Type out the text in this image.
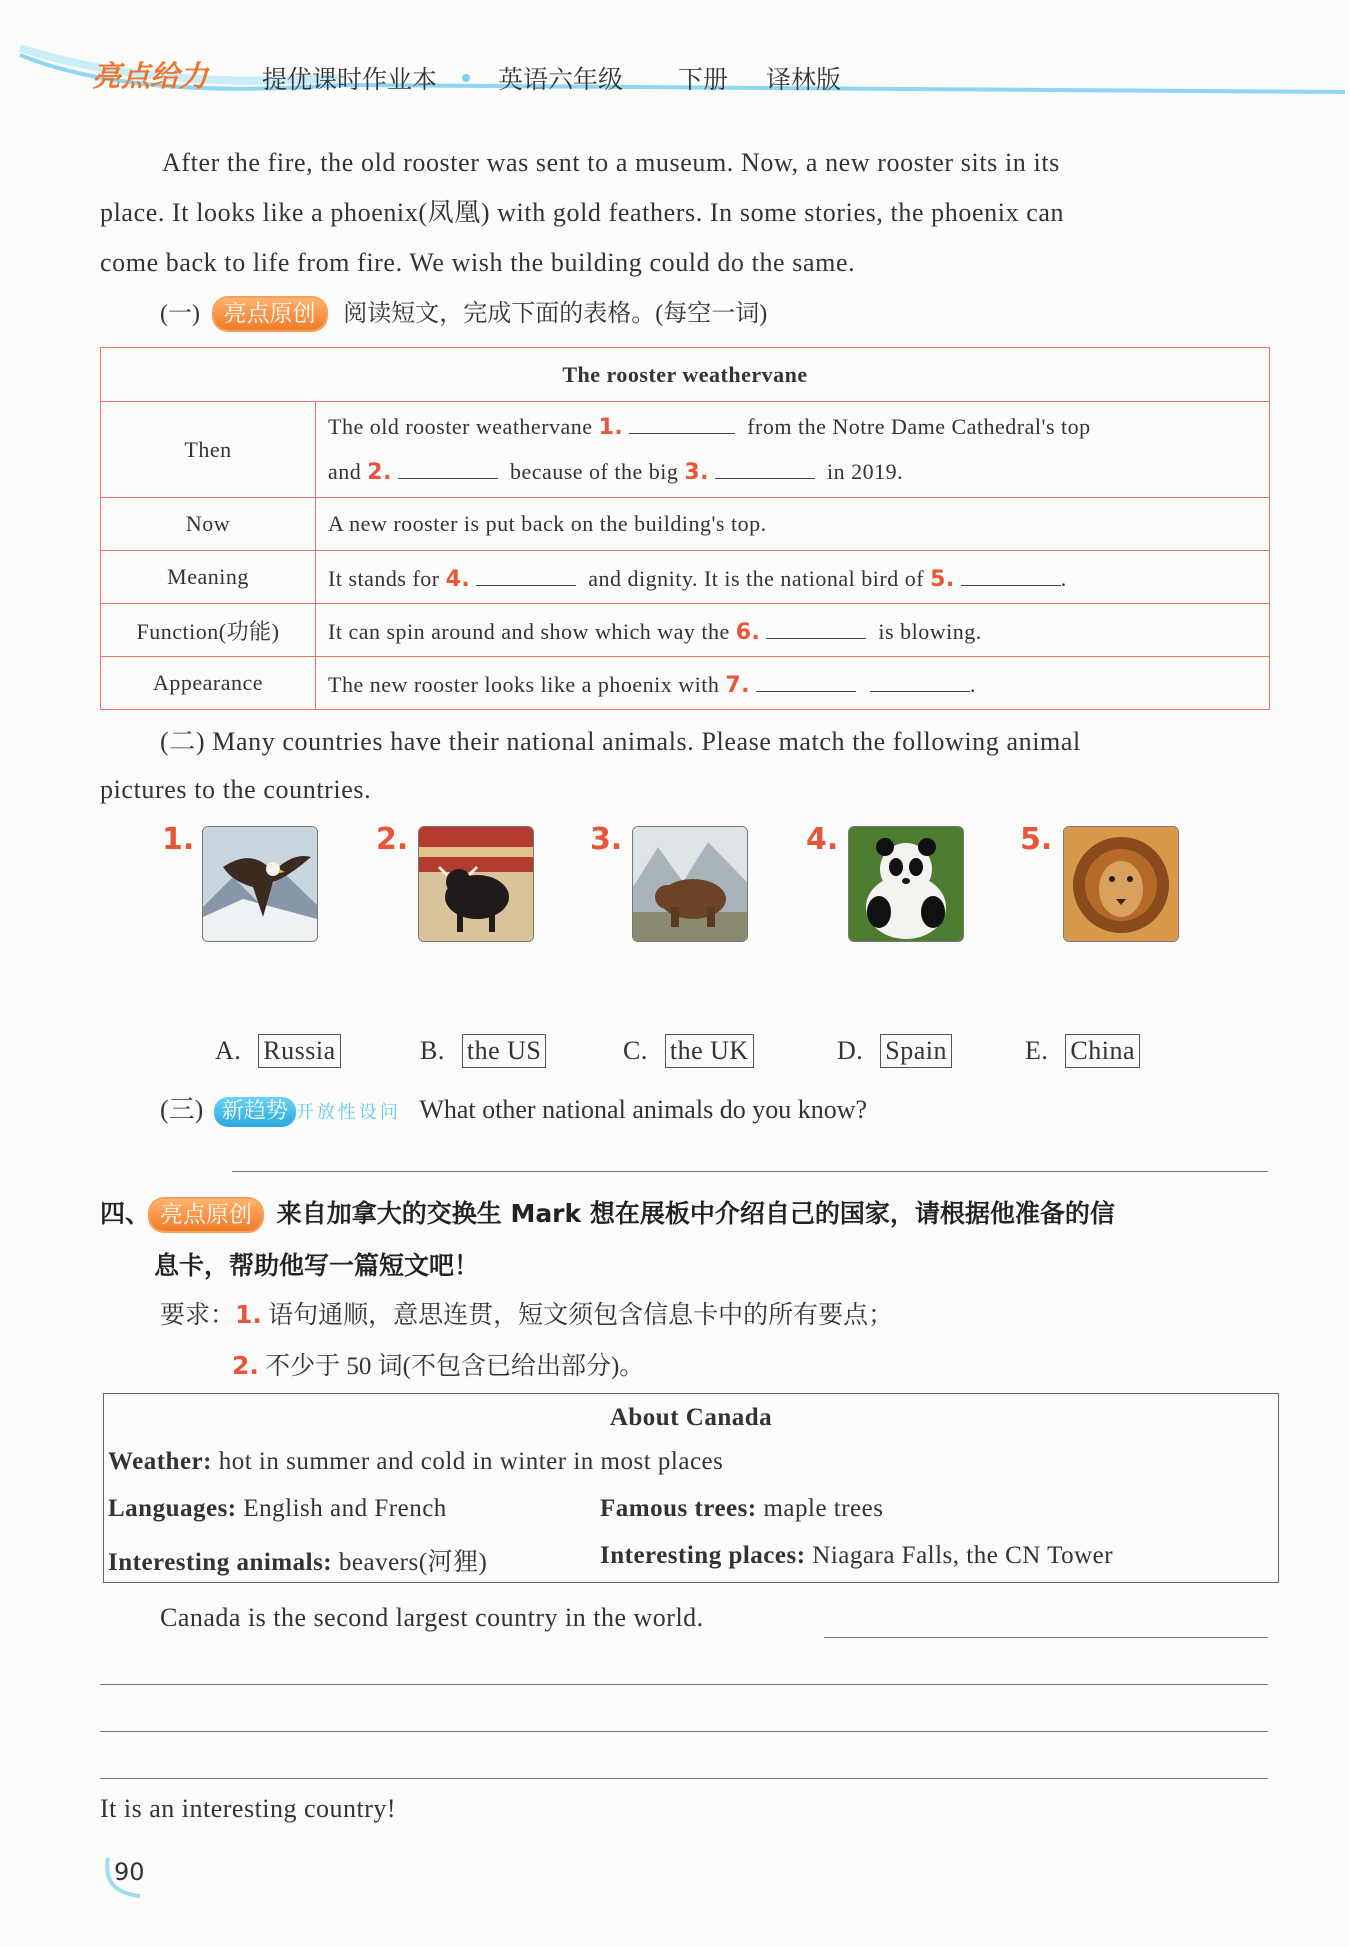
亮点给力 提优课时作业本 英语六年级 下册 译林版
After the fire, the old rooster was sent to a museum. Now, a new rooster sits in its
place. It looks like a phoenix(凤凰) with gold feathers. In some stories, the phoenix can
come back to life from fire. We wish the building could do the same.
(一) 亮点原创 阅读短文，完成下面的表格。(每空一词)
The rooster weathervane	
Then	The old rooster weathervane 1. from the Notre Dame Cathedral's top
and 2. because of the big 3. in 2019.

Now	A new rooster is put back on the building's top.
Meaning	It stands for 4. and dignity. It is the national bird of 5. .
Function(功能)	It can spin around and show which way the 6. is blowing.
Appearance	The new rooster looks like a phoenix with 7. .
(二) Many countries have their national animals. Please match the following animal
pictures to the countries.
1.	2.	3.	4.	5.
A. Russia	B. the US	C. the UK	D. Spain	E. China
(三) 新趋势 开放性设问 What other national animals do you know?
四、 亮点原创 来自加拿大的交换生 Mark 想在展板中介绍自己的国家，请根据他准备的信
息卡，帮助他写一篇短文吧！
要求：1. 语句通顺，意思连贯，短文须包含信息卡中的所有要点；
2. 不少于 50 词(不包含已给出部分)。
About Canada
Weather: hot in summer and cold in winter in most places
Languages: English and French	Famous trees: maple trees
Interesting animals: beavers(河狸)	Interesting places: Niagara Falls, the CN Tower
Canada is the second largest country in the world.
It is an interesting country!
90
